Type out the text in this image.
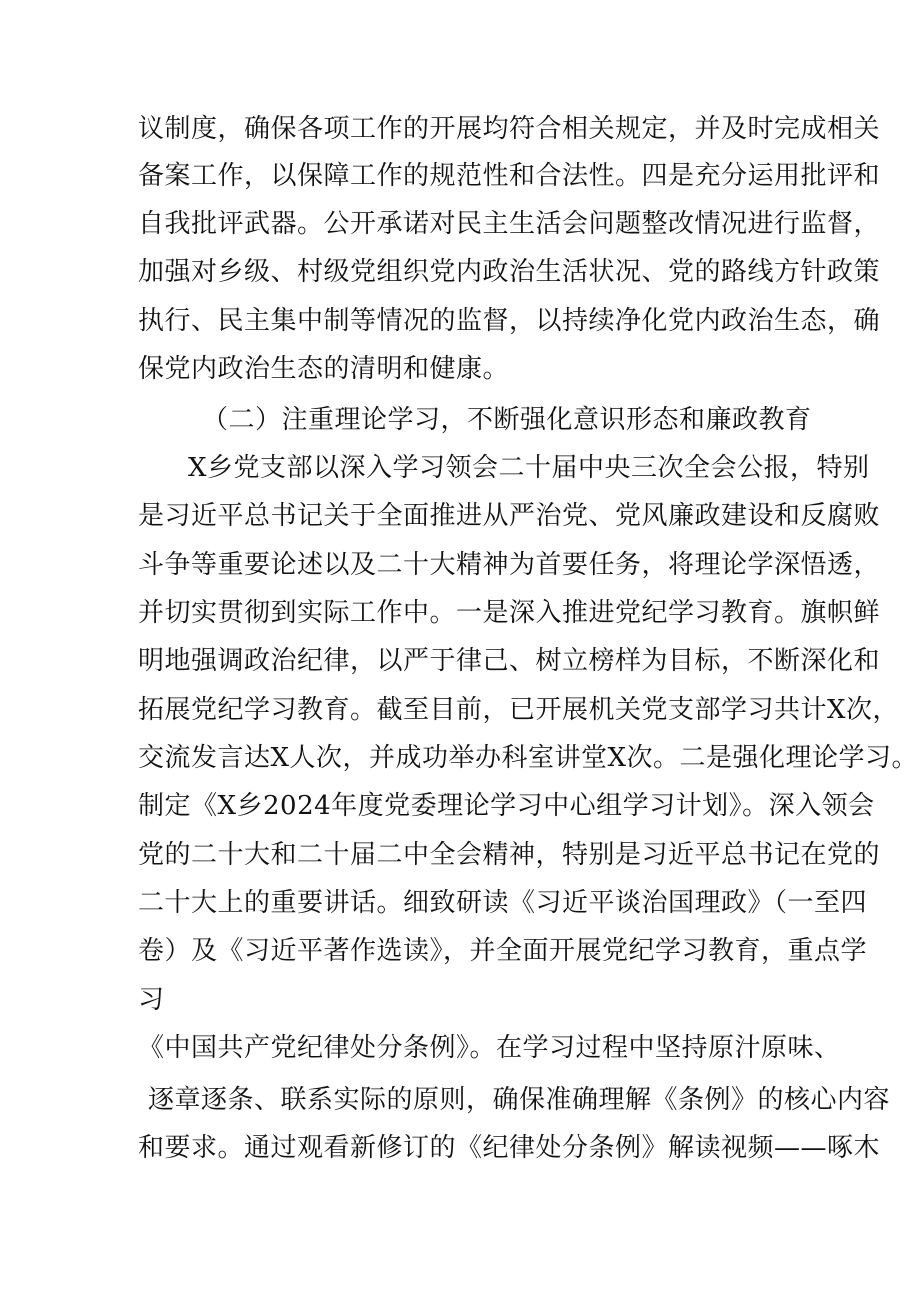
议制度，确保各项工作的开展均符合相关规定，并及时完成相关
备案工作，以保障工作的规范性和合法性。四是充分运用批评和
自我批评武器。公开承诺对民主生活会问题整改情况进行监督，
加强对乡级、村级党组织党内政治生活状况、党的路线方针政策
执行、民主集中制等情况的监督，以持续净化党内政治生态，确
保党内政治生态的清明和健康。
（二）注重理论学习，不断强化意识形态和廉政教育
X乡党支部以深入学习领会二十届中央三次全会公报，特别
是习近平总书记关于全面推进从严治党、党风廉政建设和反腐败
斗争等重要论述以及二十大精神为首要任务，将理论学深悟透，
并切实贯彻到实际工作中。一是深入推进党纪学习教育。旗帜鲜
明地强调政治纪律，以严于律己、树立榜样为目标，不断深化和
拓展党纪学习教育。截至目前，已开展机关党支部学习共计X次，
交流发言达X人次，并成功举办科室讲堂X次。二是强化理论学习。
制定《X乡2024年度党委理论学习中心组学习计划》。深入领会
党的二十大和二十届二中全会精神，特别是习近平总书记在党的
二十大上的重要讲话。细致研读《习近平谈治国理政》（一至四
卷）及《习近平著作选读》，并全面开展党纪学习教育，重点学
习
《中国共产党纪律处分条例》。在学习过程中坚持原汁原味、
逐章逐条、联系实际的原则，确保准确理解《条例》的核心内容
和要求。通过观看新修订的《纪律处分条例》解读视频——啄木
